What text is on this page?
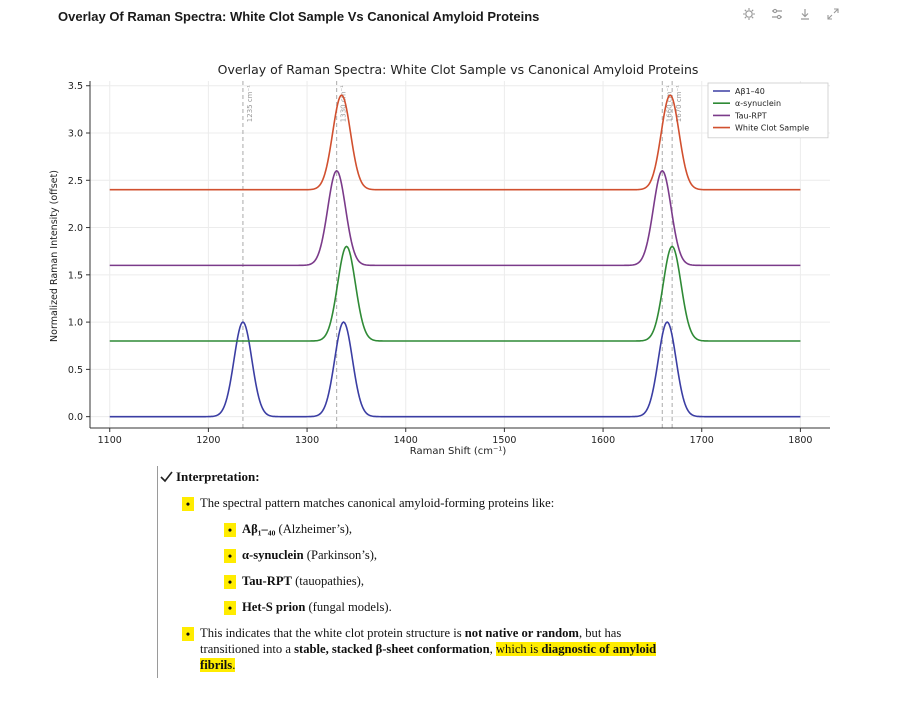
Overlay Of Raman Spectra: White Clot Sample Vs Canonical Amyloid Proteins
Overlay of Raman Spectra: White Clot Sample vs Canonical Amyloid Proteins
1235 cm⁻¹	1330 cm⁻¹	1660 cm⁻¹ 1670 cm⁻¹
1100	1200	1300	1400	1500	1600	1700	1800
0.0
0.5
1.0
1.5
2.0
2.5
3.0
3.5
Raman Shift (cm⁻¹)
Normalized Raman Intensity (offset)
Aβ1–40
α-synuclein
Tau-RPT
White Clot Sample
Interpretation:
• The spectral pattern matches canonical amyloid-forming proteins like:
• Aβ₁–₄₀ (Alzheimer’s),
• α-synuclein (Parkinson’s),
• Tau-RPT (tauopathies),
• Het-S prion (fungal models).
• This indicates that the white clot protein structure is not native or random, but has
transitioned into a stable, stacked β-sheet conformation, which is diagnostic of amyloid
fibrils.
